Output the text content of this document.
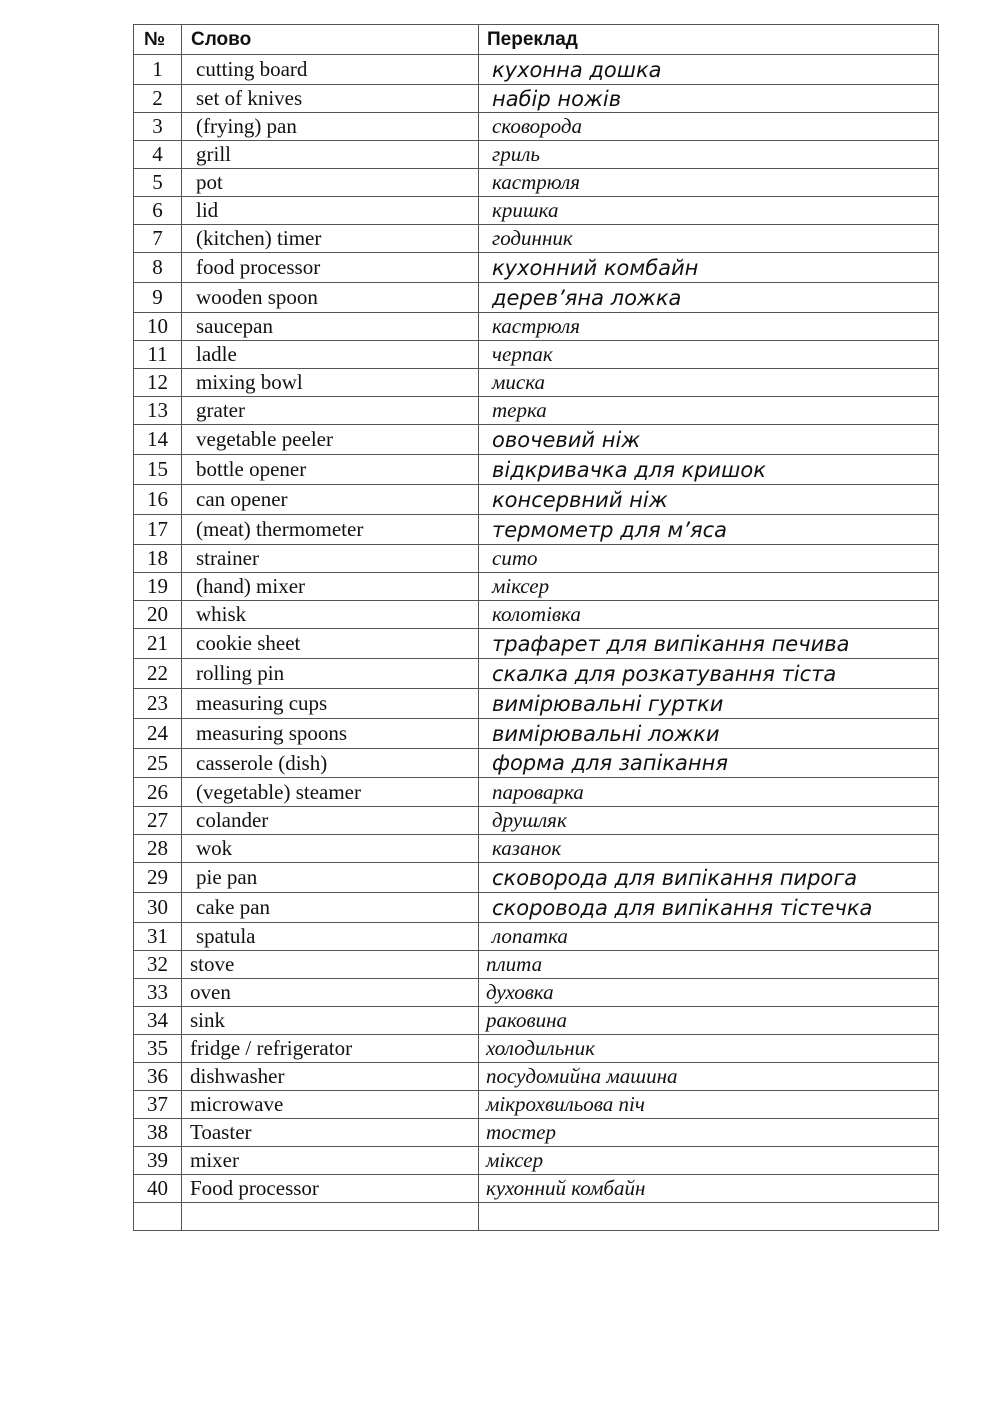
№	Слово	Переклад
1	cutting board	кухонна дошка
2	set of knives	набір ножів
3	(frying) pan	сковорода
4	grill	гриль
5	pot	кастрюля
6	lid	кришка
7	(kitchen) timer	годинник
8	food processor	кухонний комбайн
9	wooden spoon	дерев’яна ложка
10	saucepan	кастрюля
11	ladle	черпак
12	mixing bowl	миска
13	grater	терка
14	vegetable peeler	овочевий ніж
15	bottle opener	відкривачка для кришок
16	can opener	консервний ніж
17	(meat) thermometer	термометр для м’яса
18	strainer	сито
19	(hand) mixer	міксер
20	whisk	колотівка
21	cookie sheet	трафарет для випікання печива
22	rolling pin	скалка для розкатування тіста
23	measuring cups	вимірювальні гуртки
24	measuring spoons	вимірювальні ложки
25	casserole (dish)	форма для запікання
26	(vegetable) steamer	пароварка
27	colander	друшляк
28	wok	казанок
29	pie pan	сковорода для випікання пирога
30	cake pan	скоровода для випікання тістечка
31	spatula	лопатка
32	stove	плита
33	oven	духовка
34	sink	раковина
35	fridge / refrigerator	холодильник
36	dishwasher	посудомийна машина
37	microwave	мікрохвильова піч
38	Toaster	тостер
39	mixer	міксер
40	Food processor	кухонний комбайн
